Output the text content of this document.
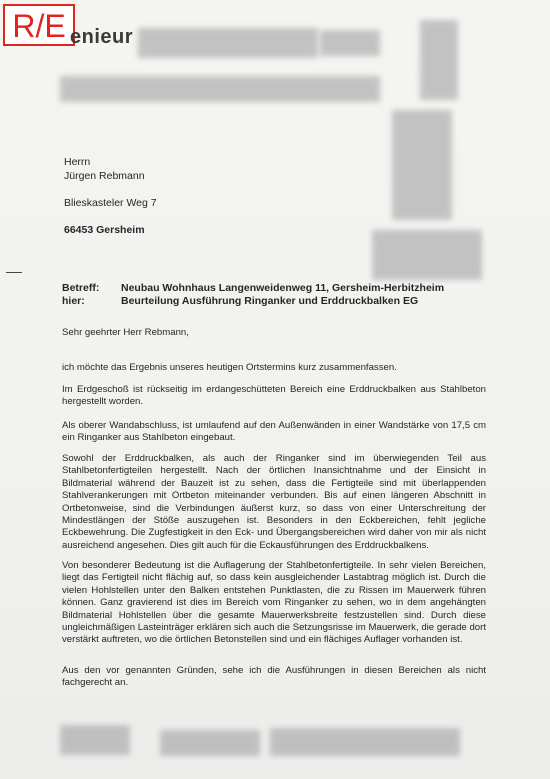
R/E enieur
Herrn
Jürgen Rebmann
Blieskasteler Weg 7
66453 Gersheim
Betreff:	Neubau Wohnhaus Langenweidenweg 11, Gersheim-Herbitzheim
hier:	Beurteilung Ausführung Ringanker und Erddruckbalken EG
Sehr geehrter Herr Rebmann,
ich möchte das Ergebnis unseres heutigen Ortstermins kurz zusammenfassen.
Im Erdgeschoß ist rückseitig im erdangeschütteten Bereich eine Erddruckbalken aus Stahlbeton hergestellt worden.
Als oberer Wandabschluss, ist umlaufend auf den Außenwänden in einer Wandstärke von 17,5 cm ein Ringanker aus Stahlbeton eingebaut.
Sowohl der Erddruckbalken, als auch der Ringanker sind im überwiegenden Teil aus Stahlbetonfertigteilen hergestellt. Nach der örtlichen Inansichtnahme und der Einsicht in Bildmaterial während der Bauzeit ist zu sehen, dass die Fertigteile sind mit überlappenden Stahlverankerungen mit Ortbeton miteinander verbunden. Bis auf einen längeren Abschnitt in Ortbetonweise, sind die Verbindungen äußerst kurz, so dass von einer Unterschreitung der Mindestlängen der Stöße auszugehen ist. Besonders in den Eckbereichen, fehlt jegliche Eckbewehrung. Die Zugfestigkeit in den Eck- und Übergangsbereichen wird daher von mir als nicht ausreichend angesehen. Dies gilt auch für die Eckausführungen des Erddruckbalkens.
Von besonderer Bedeutung ist die Auflagerung der Stahlbetonfertigteile. In sehr vielen Bereichen, liegt das Fertigteil nicht flächig auf, so dass kein ausgleichender Lastabtrag möglich ist. Durch die vielen Hohlstellen unter den Balken entstehen Punktlasten, die zu Rissen im Mauerwerk führen können. Ganz gravierend ist dies im Bereich vom Ringanker zu sehen, wo in dem angehängten Bildmaterial Hohlstellen über die gesamte Mauerwerksbreite festzustellen sind. Durch diese ungleichmäßigen Lasteinträger erklären sich auch die Setzungsrisse im Mauerwerk, die gerade dort verstärkt auftreten, wo die örtlichen Betonstellen sind und ein flächiges Auflager vorhanden ist.
Aus den vor genannten Gründen, sehe ich die Ausführungen in diesen Bereichen als nicht fachgerecht an.
